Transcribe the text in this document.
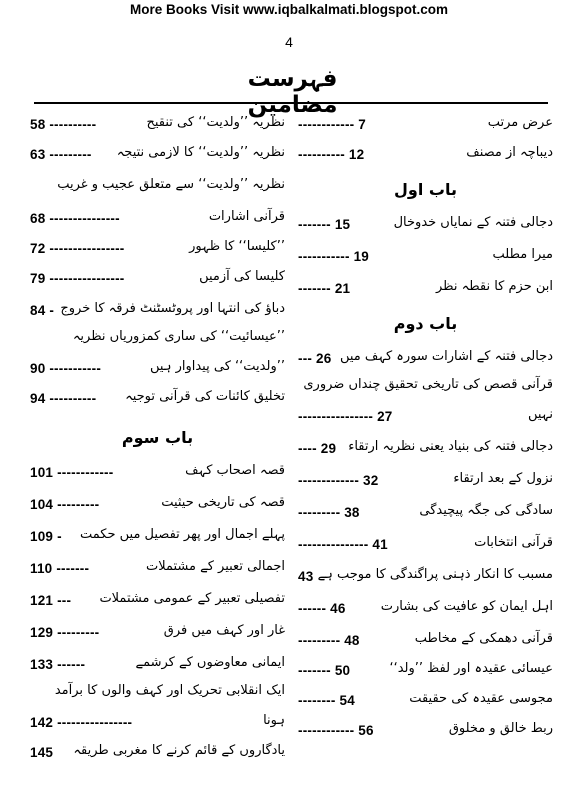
More Books Visit www.iqbalkalmati.blogspot.com
4
فہرست مضامین
عرض مرتب
------------ 7
دیباچہ از مصنف
---------- 12
باب اول
دجالی فتنہ کے نمایاں خدوخال
------- 15
میرا مطلب
----------- 19
ابن حزم کا نقطہ نظر
------- 21
باب دوم
دجالی فتنہ کے اشارات سورہ کہف میں
--- 26
قرآنی قصص کی تاریخی تحقیق چنداں ضروری
نہیں
---------------- 27
دجالی فتنہ کی بنیاد یعنی نظریہ ارتقاء
---- 29
نزول کے بعد ارتقاء
------------- 32
سادگی کی جگہ پیچیدگی
--------- 38
قرآنی انتخابات
--------------- 41
مسبب کا انکار ذہنی پراگندگی کا موجب ہے
43
اہل ایمان کو عافیت کی بشارت
------ 46
قرآنی دھمکی کے مخاطب
--------- 48
عیسائی عقیدہ اور لفظ ’’ولد‘‘
------- 50
مجوسی عقیدہ کی حقیقت
-------- 54
ربط خالق و مخلوق
------------ 56
نظریہ ’’ولدیت‘‘ کی تنقیح
58 ----------
نظریہ ’’ولدیت‘‘ کا لازمی نتیجہ
63 ---------
نظریہ ’’ولدیت‘‘ سے متعلق عجیب و غریب
قرآنی اشارات
68 ---------------
’’کلیسا‘‘ کا ظہور
72 ----------------
کلیسا کی آزمیں
79 ----------------
دباؤ کی انتہا اور پروٹسٹنٹ فرقہ کا خروج
84 -
’’عیسائیت‘‘ کی ساری کمزوریاں نظریہ
’’ولدیت‘‘ کی پیداوار ہیں
90 -----------
تخلیق کائنات کی قرآنی توجیہ
94 ----------
باب سوم
قصہ اصحاب کہف
101 ------------
قصہ کی تاریخی حیثیت
104 ---------
پہلے اجمال اور پھر تفصیل میں حکمت
109 -
اجمالی تعبیر کے مشتملات
110 -------
تفصیلی تعبیر کے عمومی مشتملات
121 ---
غار اور کہف میں فرق
129 ---------
ایمانی معاوضوں کے کرشمے
133 ------
ایک انقلابی تحریک اور کہف والوں کا برآمد
ہونا
142 ----------------
یادگاروں کے قائم کرنے کا مغربی طریقہ
145
